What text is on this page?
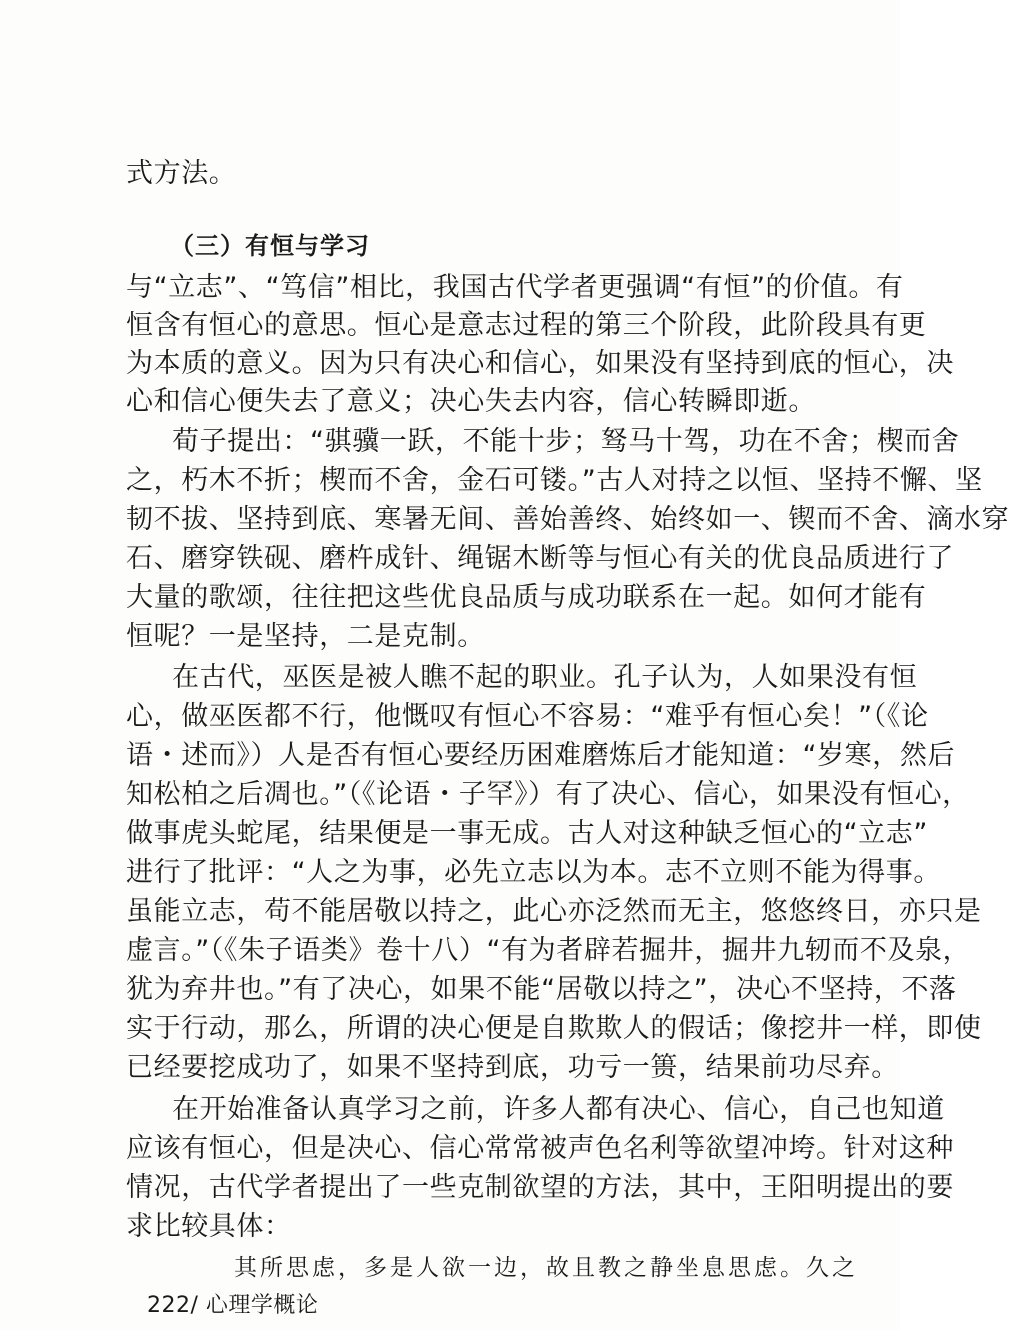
式方法。
（三）有恒与学习
与“立志”、“笃信”相比，我国古代学者更强调“有恒”的价值。有
恒含有恒心的意思。恒心是意志过程的第三个阶段，此阶段具有更
为本质的意义。因为只有决心和信心，如果没有坚持到底的恒心，决
心和信心便失去了意义；决心失去内容，信心转瞬即逝。
荀子提出：“骐骥一跃，不能十步；驽马十驾，功在不舍；楔而舍
之，朽木不折；楔而不舍，金石可镂。”古人对持之以恒、坚持不懈、坚
韧不拔、坚持到底、寒暑无间、善始善终、始终如一、锲而不舍、滴水穿
石、磨穿铁砚、磨杵成针、绳锯木断等与恒心有关的优良品质进行了
大量的歌颂，往往把这些优良品质与成功联系在一起。如何才能有
恒呢？一是坚持，二是克制。
在古代，巫医是被人瞧不起的职业。孔子认为，人如果没有恒
心，做巫医都不行，他慨叹有恒心不容易：“难乎有恒心矣！”（《论
语・述而》）人是否有恒心要经历困难磨炼后才能知道：“岁寒，然后
知松柏之后凋也。”（《论语・子罕》）有了决心、信心，如果没有恒心，
做事虎头蛇尾，结果便是一事无成。古人对这种缺乏恒心的“立志”
进行了批评：“人之为事，必先立志以为本。志不立则不能为得事。
虽能立志，苟不能居敬以持之，此心亦泛然而无主，悠悠终日，亦只是
虚言。”（《朱子语类》卷十八）“有为者辟若掘井，掘井九轫而不及泉，
犹为弃井也。”有了决心，如果不能“居敬以持之”，决心不坚持，不落
实于行动，那么，所谓的决心便是自欺欺人的假话；像挖井一样，即使
已经要挖成功了，如果不坚持到底，功亏一篑，结果前功尽弃。
在开始准备认真学习之前，许多人都有决心、信心，自己也知道
应该有恒心，但是决心、信心常常被声色名利等欲望冲垮。针对这种
情况，古代学者提出了一些克制欲望的方法，其中，王阳明提出的要
求比较具体：
其所思虑，多是人欲一边，故且教之静坐息思虑。久之
222/ 心理学概论
